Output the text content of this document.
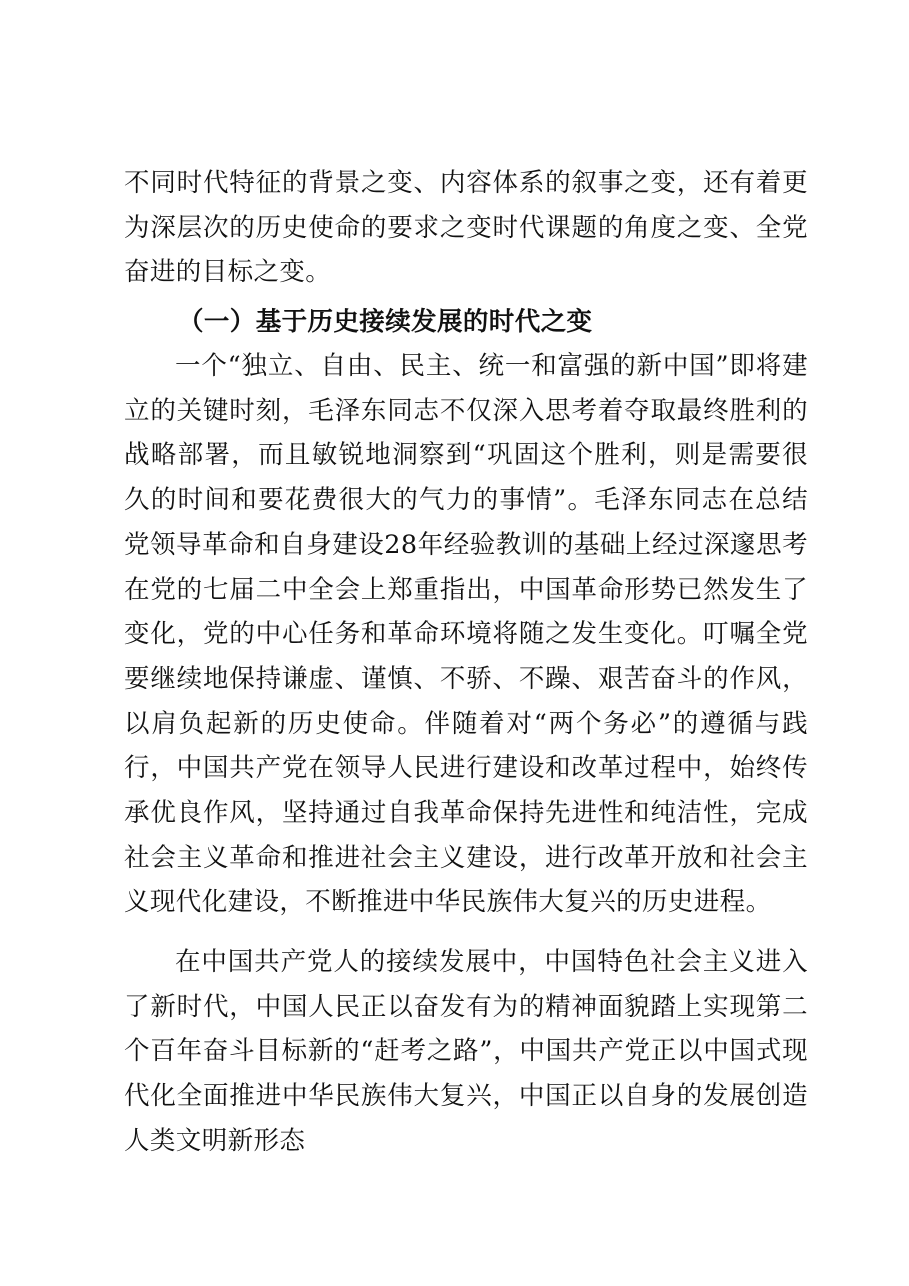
不同时代特征的背景之变、内容体系的叙事之变，还有着更为深层次的历史使命的要求之变时代课题的角度之变、全党奋进的目标之变。

（一）基于历史接续发展的时代之变

一个“独立、自由、民主、统一和富强的新中国”即将建立的关键时刻，毛泽东同志不仅深入思考着夺取最终胜利的战略部署，而且敏锐地洞察到“巩固这个胜利，则是需要很久的时间和要花费很大的气力的事情”。毛泽东同志在总结党领导革命和自身建设28年经验教训的基础上经过深邃思考在党的七届二中全会上郑重指出，中国革命形势已然发生了变化，党的中心任务和革命环境将随之发生变化。叮嘱全党要继续地保持谦虚、谨慎、不骄、不躁、艰苦奋斗的作风，以肩负起新的历史使命。伴随着对“两个务必”的遵循与践行，中国共产党在领导人民进行建设和改革过程中，始终传承优良作风，坚持通过自我革命保持先进性和纯洁性，完成社会主义革命和推进社会主义建设，进行改革开放和社会主义现代化建设，不断推进中华民族伟大复兴的历史进程。

在中国共产党人的接续发展中，中国特色社会主义进入了新时代，中国人民正以奋发有为的精神面貌踏上实现第二个百年奋斗目标新的“赶考之路”，中国共产党正以中国式现代化全面推进中华民族伟大复兴，中国正以自身的发展创造人类文明新形态
